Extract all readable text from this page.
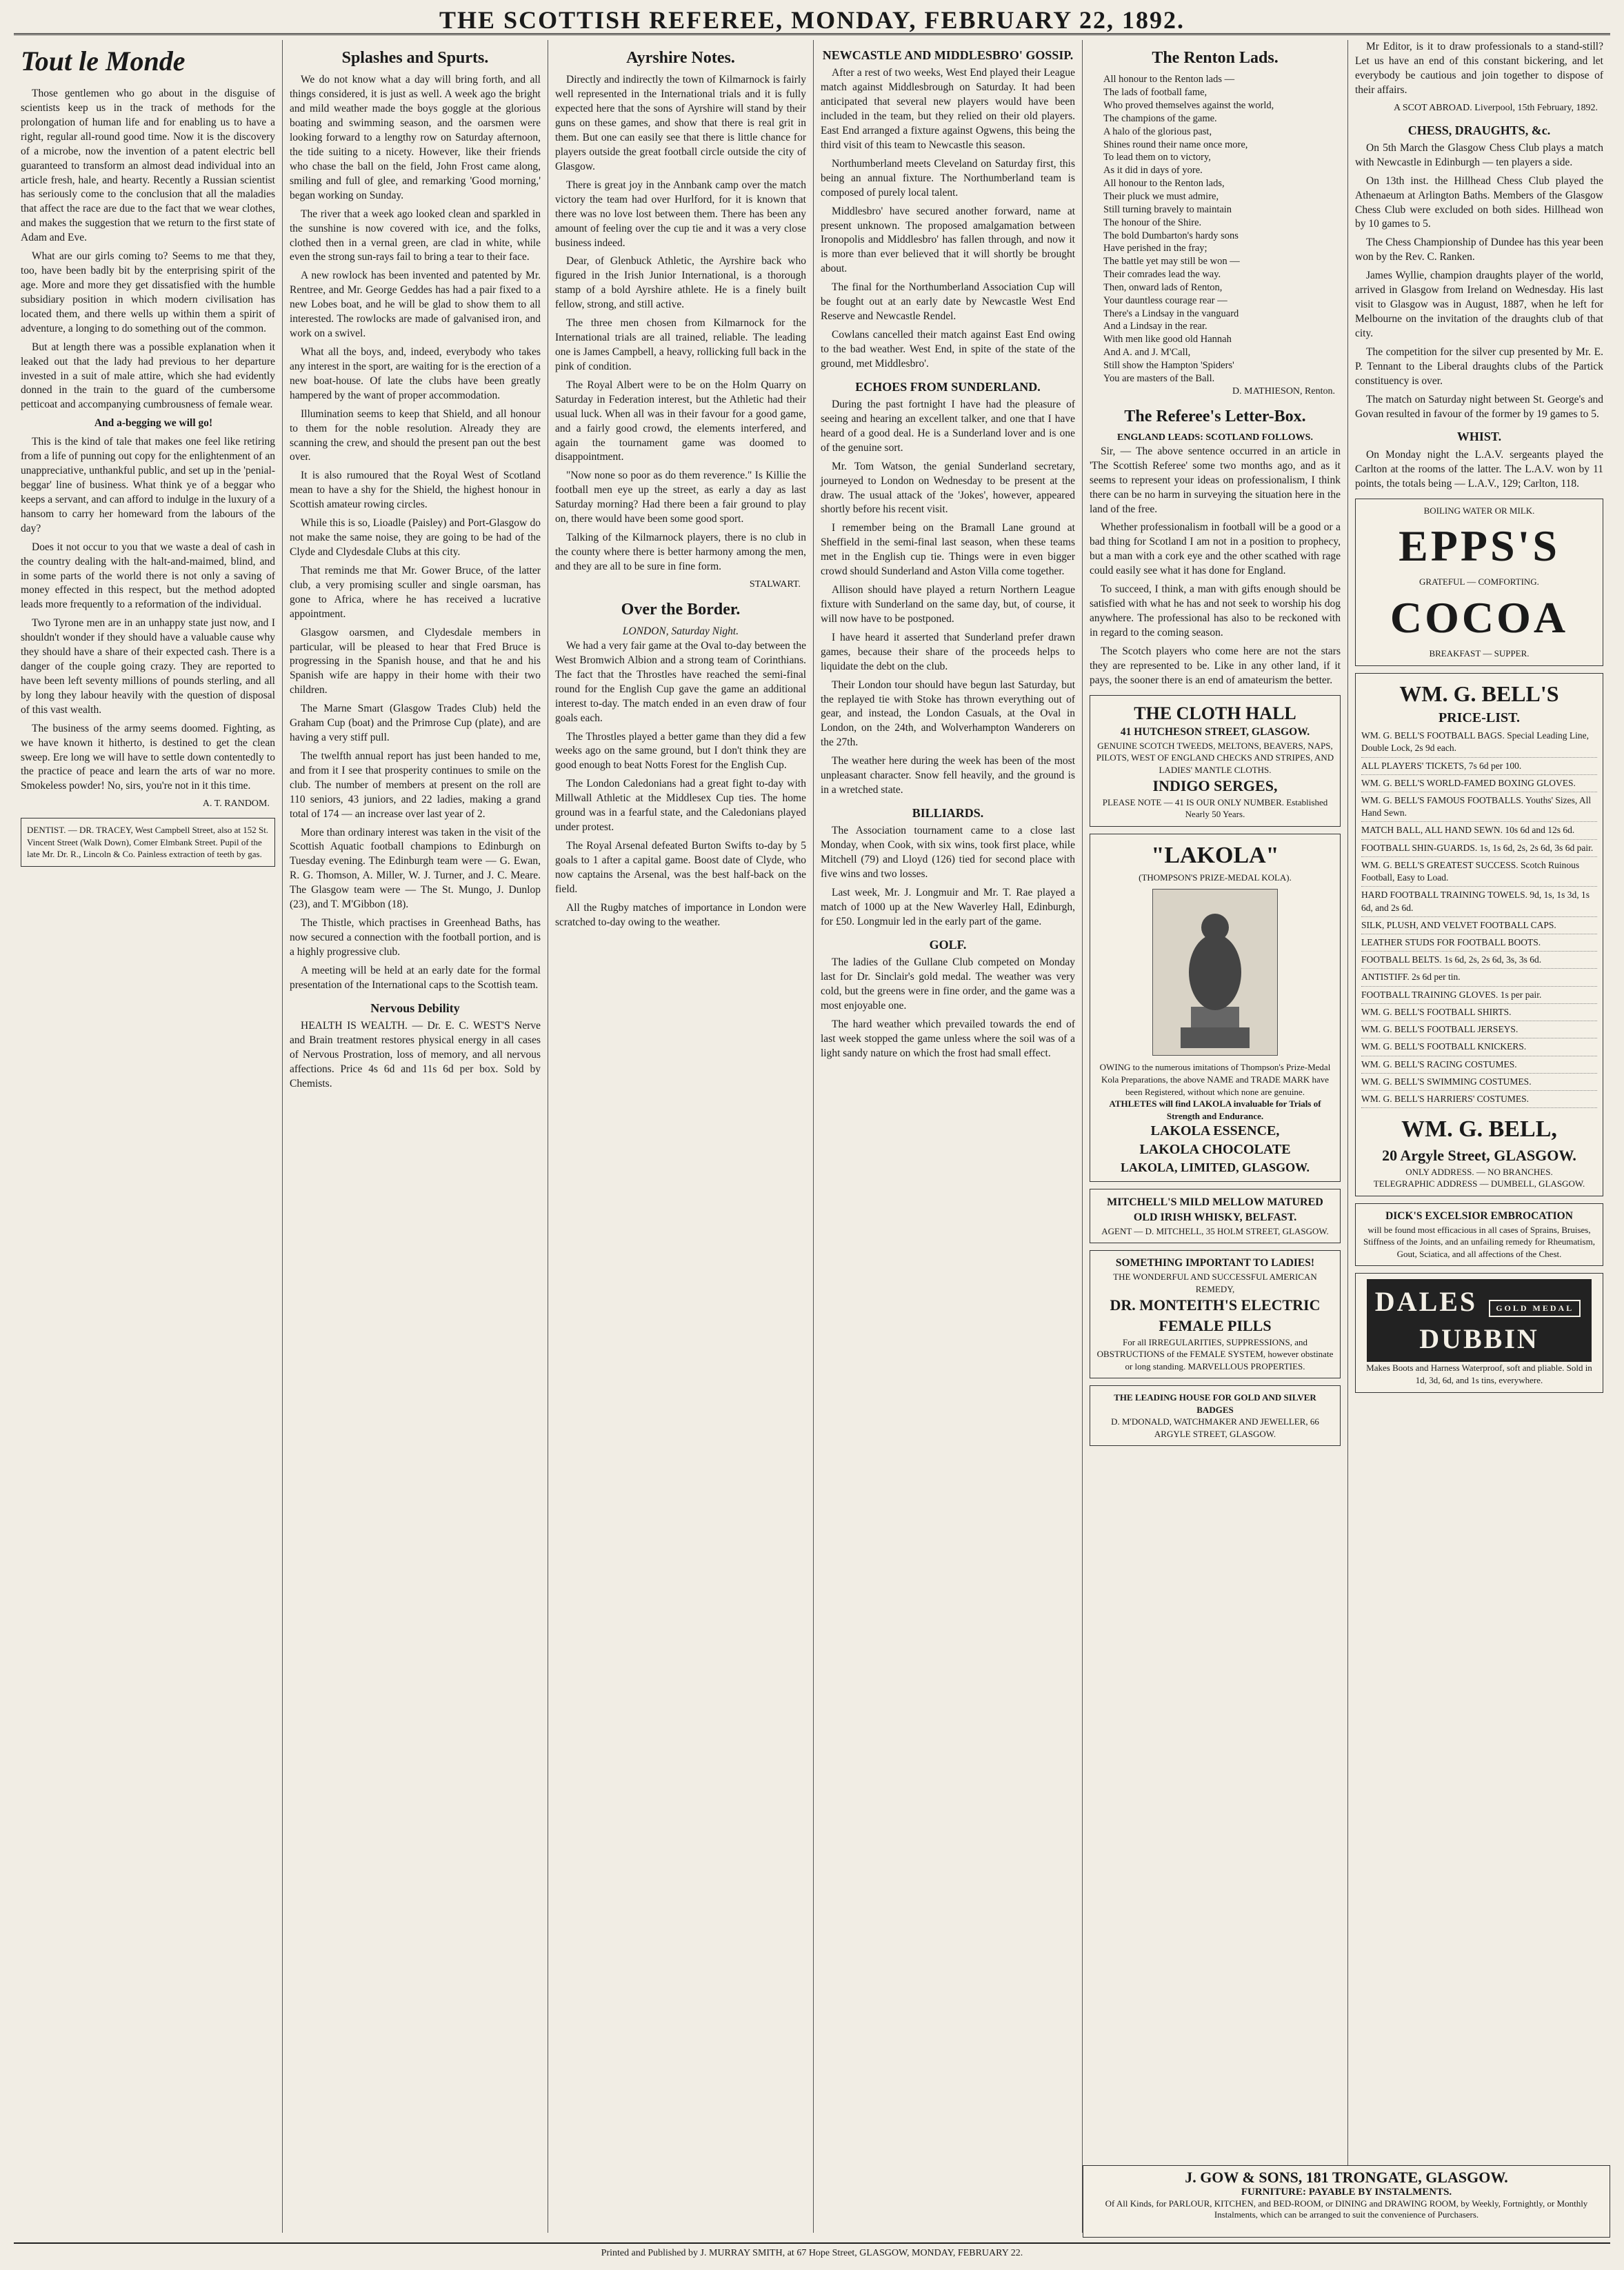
THE SCOTTISH REFEREE, MONDAY, FEBRUARY 22, 1892.
Tout le Monde

Those gentlemen who go about in the disguise of scientists keep us in the track of methods for the prolongation of human life and for enabling us to have a right, regular all-round good time. Now it is the discovery of a microbe, now the invention of a patent electric bell guaranteed to transform an almost dead individual into an article fresh, hale, and hearty. Recently a Russian scientist has seriously come to the conclusion that all the maladies that affect the race are due to the fact that we wear clothes, and makes the suggestion that we return to the first state of Adam and Eve.

What are our girls coming to? Seems to me that they, too, have been badly bit by the enterprising spirit of the age. More and more they get dissatisfied with the humble subsidiary position in which modern civilisation has located them, and there wells up within them a spirit of adventure, a longing to do something out of the common.

But at length there was a possible explanation when it leaked out that the lady had previous to her departure invested in a suit of male attire, which she had evidently donned in the train to the guard of the cumbersome petticoat and accompanying cumbrousness of female wear.

And a-begging we will go!

This is the kind of tale that makes one feel like retiring from a life of punning out copy for the enlightenment of an unappreciative, unthankful public, and set up in the 'penial-beggar' line of business. What think ye of a beggar who keeps a servant, and can afford to indulge in the luxury of a hansom to carry her homeward from the labours of the day?

Does it not occur to you that we waste a deal of cash in the country dealing with the halt-and-maimed, blind, and in some parts of the world there is not only a saving of money effected in this respect, but the method adopted leads more frequently to a reformation of the individual.

Two Tyrone men are in an unhappy state just now, and I shouldn't wonder if they should have a valuable cause why they should have a share of their expected cash. There is a danger of the couple going crazy. They are reported to have been left seventy millions of pounds sterling, and all by long they labour heavily with the question of disposal of this vast wealth.

The business of the army seems doomed. Fighting, as we have known it hitherto, is destined to get the clean sweep. Ere long we will have to settle down contentedly to the practice of peace and learn the arts of war no more. Smokeless powder! No, sirs, you're not in it this time.

A. T. RANDOM.
DENTIST. — DR. TRACEY, West Campbell Street, also at 152 St. Vincent Street (Walk Down), Comer Elmbank Street. Pupil of the late Mr. Dr. R., Lincoln & Co. Painless extraction of teeth by gas.
Splashes and Spurts.

We do not know what a day will bring forth, and all things considered, it is just as well. A week ago the bright and mild weather made the boys goggle at the glorious boating and swimming season, and the oarsmen were looking forward to a lengthy row on Saturday afternoon, the tide suiting to a nicety. However, like their friends who chase the ball on the field, John Frost came along, smiling and full of glee, and remarking 'Good morning,' began working on Sunday.

The river that a week ago looked clean and sparkled in the sunshine is now covered with ice, and the folks, clothed then in a vernal green, are clad in white, while even the strong sun-rays fail to bring a tear to their face.

A new rowlock has been invented and patented by Mr. Rentree, and Mr. George Geddes has had a pair fixed to a new Lobes boat, and he will be glad to show them to all interested. The rowlocks are made of galvanised iron, and work on a swivel.

What all the boys, and, indeed, everybody who takes any interest in the sport, are waiting for is the erection of a new boat-house. Of late the clubs have been greatly hampered by the want of proper accommodation.

Illumination seems to keep that Shield, and all honour to them for the noble resolution. Already they are scanning the crew, and should the present pan out the best over.

It is also rumoured that the Royal West of Scotland mean to have a shy for the Shield, the highest honour in Scottish amateur rowing circles.

While this is so, Lioadle (Paisley) and Port-Glasgow do not make the same noise, they are going to be had of the Clyde and Clydesdale Clubs at this city.

That reminds me that Mr. Gower Bruce, of the latter club, a very promising sculler and single oarsman, has gone to Africa, where he has received a lucrative appointment.

Glasgow oarsmen, and Clydesdale members in particular, will be pleased to hear that Fred Bruce is progressing in the Spanish house, and that he and his Spanish wife are happy in their home with their two children.

The Marne Smart (Glasgow Trades Club) held the Graham Cup (boat) and the Primrose Cup (plate), and are having a very stiff pull.

The twelfth annual report has just been handed to me, and from it I see that prosperity continues to smile on the club. The number of members at present on the roll are 110 seniors, 43 juniors, and 22 ladies, making a grand total of 174 — an increase over last year of 2.

More than ordinary interest was taken in the visit of the Scottish Aquatic football champions to Edinburgh on Tuesday evening. The Edinburgh team were — G. Ewan, R. G. Thomson, A. Miller, W. J. Turner, and J. C. Meare. The Glasgow team were — The St. Mungo, J. Dunlop (23), and T. M'Gibbon (18).

The Thistle, which practises in Greenhead Baths, has now secured a connection with the football portion, and is a highly progressive club.

A meeting will be held at an early date for the formal presentation of the International caps to the Scottish team.

Nervous Debility

HEALTH IS WEALTH. — Dr. E. C. WEST'S Nerve and Brain treatment restores physical energy in all cases of Nervous Prostration, loss of memory, and all nervous affections. Price 4s 6d and 11s 6d per box. Sold by Chemists.

Ayrshire Notes.

Directly and indirectly the town of Kilmarnock is fairly well represented in the International trials and it is fully expected here that the sons of Ayrshire will stand by their guns on these games, and show that there is real grit in them. But one can easily see that there is little chance for players outside the great football circle outside the city of Glasgow.

There is great joy in the Annbank camp over the match victory the team had over Hurlford, for it is known that there was no love lost between them. There has been any amount of feeling over the cup tie and it was a very close business indeed.

Dear, of Glenbuck Athletic, the Ayrshire back who figured in the Irish Junior International, is a thorough stamp of a bold Ayrshire athlete. He is a finely built fellow, strong, and still active.

The three men chosen from Kilmarnock for the International trials are all trained, reliable. The leading one is James Campbell, a heavy, rollicking full back in the pink of condition.

The Royal Albert were to be on the Holm Quarry on Saturday in Federation interest, but the Athletic had their usual luck. When all was in their favour for a good game, and a fairly good crowd, the elements interfered, and again the tournament game was doomed to disappointment.

"Now none so poor as do them reverence." Is Killie the football men eye up the street, as early a day as last Saturday morning? Had there been a fair ground to play on, there would have been some good sport.

Talking of the Kilmarnock players, there is no club in the county where there is better harmony among the men, and they are all to be sure in fine form.

STALWART.
Over the Border.
LONDON, Saturday Night.

We had a very fair game at the Oval to-day between the West Bromwich Albion and a strong team of Corinthians. The fact that the Throstles have reached the semi-final round for the English Cup gave the game an additional interest to-day. The match ended in an even draw of four goals each.

The Throstles played a better game than they did a few weeks ago on the same ground, but I don't think they are good enough to beat Notts Forest for the English Cup.

The London Caledonians had a great fight to-day with Millwall Athletic at the Middlesex Cup ties. The home ground was in a fearful state, and the Caledonians played under protest.

The Royal Arsenal defeated Burton Swifts to-day by 5 goals to 1 after a capital game. Boost date of Clyde, who now captains the Arsenal, was the best half-back on the field.

All the Rugby matches of importance in London were scratched to-day owing to the weather.

NEWCASTLE AND MIDDLESBRO' GOSSIP.

After a rest of two weeks, West End played their League match against Middlesbrough on Saturday. It had been anticipated that several new players would have been included in the team, but they relied on their old players. East End arranged a fixture against Ogwens, this being the third visit of this team to Newcastle this season.

Northumberland meets Cleveland on Saturday first, this being an annual fixture. The Northumberland team is composed of purely local talent.

Middlesbro' have secured another forward, name at present unknown. The proposed amalgamation between Ironopolis and Middlesbro' has fallen through, and now it is more than ever believed that it will shortly be brought about.

The final for the Northumberland Association Cup will be fought out at an early date by Newcastle West End Reserve and Newcastle Rendel.

Cowlans cancelled their match against East End owing to the bad weather. West End, in spite of the state of the ground, met Middlesbro'.

ECHOES FROM SUNDERLAND.

During the past fortnight I have had the pleasure of seeing and hearing an excellent talker, and one that I have heard of a good deal. He is a Sunderland lover and is one of the genuine sort.

Mr. Tom Watson, the genial Sunderland secretary, journeyed to London on Wednesday to be present at the draw. The usual attack of the 'Jokes', however, appeared shortly before his recent visit.

I remember being on the Bramall Lane ground at Sheffield in the semi-final last season, when these teams met in the English cup tie. Things were in even bigger crowd should Sunderland and Aston Villa come together.

Allison should have played a return Northern League fixture with Sunderland on the same day, but, of course, it will now have to be postponed.

I have heard it asserted that Sunderland prefer drawn games, because their share of the proceeds helps to liquidate the debt on the club.

Their London tour should have begun last Saturday, but the replayed tie with Stoke has thrown everything out of gear, and instead, the London Casuals, at the Oval in London, on the 24th, and Wolverhampton Wanderers on the 27th.

The weather here during the week has been of the most unpleasant character. Snow fell heavily, and the ground is in a wretched state.

BILLIARDS.

The Association tournament came to a close last Monday, when Cook, with six wins, took first place, while Mitchell (79) and Lloyd (126) tied for second place with five wins and two losses.

Last week, Mr. J. Longmuir and Mr. T. Rae played a match of 1000 up at the New Waverley Hall, Edinburgh, for £50. Longmuir led in the early part of the game.

GOLF.

The ladies of the Gullane Club competed on Monday last for Dr. Sinclair's gold medal. The weather was very cold, but the greens were in fine order, and the game was a most enjoyable one.

The hard weather which prevailed towards the end of last week stopped the game unless where the soil was of a light sandy nature on which the frost had small effect.

The Renton Lads.
All honour to the Renton lads —
The lads of football fame,
Who proved themselves against the world,
The champions of the game.
A halo of the glorious past,
Shines round their name once more,
To lead them on to victory,
As it did in days of yore.
All honour to the Renton lads,
Their pluck we must admire,
Still turning bravely to maintain
The honour of the Shire.
The bold Dumbarton's hardy sons
Have perished in the fray;
The battle yet may still be won —
Their comrades lead the way.
Then, onward lads of Renton,
Your dauntless courage rear —
There's a Lindsay in the vanguard
And a Lindsay in the rear.
With men like good old Hannah
And A. and J. M'Call,
Still show the Hampton 'Spiders'
You are masters of the Ball.
D. MATHIESON, Renton.
The Referee's Letter-Box.
ENGLAND LEADS: SCOTLAND FOLLOWS.

Sir, — The above sentence occurred in an article in 'The Scottish Referee' some two months ago, and as it seems to represent your ideas on professionalism, I think there can be no harm in surveying the situation here in the land of the free.

Whether professionalism in football will be a good or a bad thing for Scotland I am not in a position to prophecy, but a man with a cork eye and the other scathed with rage could easily see what it has done for England.

To succeed, I think, a man with gifts enough should be satisfied with what he has and not seek to worship his dog anywhere. The professional has also to be reckoned with in regard to the coming season.

The Scotch players who come here are not the stars they are represented to be. Like in any other land, if it pays, the sooner there is an end of amateurism the better.

THE CLOTH HALL
41 HUTCHESON STREET, GLASGOW.
GENUINE SCOTCH TWEEDS, MELTONS, BEAVERS, NAPS, PILOTS, WEST OF ENGLAND CHECKS AND STRIPES, AND LADIES' MANTLE CLOTHS.
INDIGO SERGES,
PLEASE NOTE — 41 IS OUR ONLY NUMBER. Established Nearly 50 Years.
"LAKOLA"
(THOMPSON'S PRIZE-MEDAL KOLA).
OWING to the numerous imitations of Thompson's Prize-Medal Kola Preparations, the above NAME and TRADE MARK have been Registered, without which none are genuine.
ATHLETES will find LAKOLA invaluable for Trials of Strength and Endurance.
LAKOLA ESSENCE,
LAKOLA CHOCOLATE
LAKOLA, LIMITED, GLASGOW.
MITCHELL'S MILD MELLOW MATURED OLD IRISH WHISKY, BELFAST.
AGENT — D. MITCHELL, 35 HOLM STREET, GLASGOW.
SOMETHING IMPORTANT TO LADIES!
THE WONDERFUL AND SUCCESSFUL AMERICAN REMEDY,
DR. MONTEITH'S ELECTRIC FEMALE PILLS
For all IRREGULARITIES, SUPPRESSIONS, and OBSTRUCTIONS of the FEMALE SYSTEM, however obstinate or long standing. MARVELLOUS PROPERTIES.
THE LEADING HOUSE FOR GOLD AND SILVER BADGES
D. M'DONALD, WATCHMAKER AND JEWELLER, 66 ARGYLE STREET, GLASGOW.

Mr Editor, is it to draw professionals to a stand-still? Let us have an end of this constant bickering, and let everybody be cautious and join together to dispose of their affairs.

A SCOT ABROAD. Liverpool, 15th February, 1892.
CHESS, DRAUGHTS, &c.

On 5th March the Glasgow Chess Club plays a match with Newcastle in Edinburgh — ten players a side.

On 13th inst. the Hillhead Chess Club played the Athenaeum at Arlington Baths. Members of the Glasgow Chess Club were excluded on both sides. Hillhead won by 10 games to 5.

The Chess Championship of Dundee has this year been won by the Rev. C. Ranken.

James Wyllie, champion draughts player of the world, arrived in Glasgow from Ireland on Wednesday. His last visit to Glasgow was in August, 1887, when he left for Melbourne on the invitation of the draughts club of that city.

The competition for the silver cup presented by Mr. E. P. Tennant to the Liberal draughts clubs of the Partick constituency is over.

The match on Saturday night between St. George's and Govan resulted in favour of the former by 19 games to 5.

WHIST.

On Monday night the L.A.V. sergeants played the Carlton at the rooms of the latter. The L.A.V. won by 11 points, the totals being — L.A.V., 129; Carlton, 118.

BOILING WATER OR MILK.
EPPS'S
GRATEFUL — COMFORTING.
COCOA
BREAKFAST — SUPPER.
WM. G. BELL'S
PRICE-LIST.
WM. G. BELL'S FOOTBALL BAGS. Special Leading Line, Double Lock, 2s 9d each.
ALL PLAYERS' TICKETS, 7s 6d per 100.
WM. G. BELL'S WORLD-FAMED BOXING GLOVES.
WM. G. BELL'S FAMOUS FOOTBALLS. Youths' Sizes, All Hand Sewn.
MATCH BALL, ALL HAND SEWN. 10s 6d and 12s 6d.
FOOTBALL SHIN-GUARDS. 1s, 1s 6d, 2s, 2s 6d, 3s 6d pair.
WM. G. BELL'S GREATEST SUCCESS. Scotch Ruinous Football, Easy to Load.
HARD FOOTBALL TRAINING TOWELS. 9d, 1s, 1s 3d, 1s 6d, and 2s 6d.
SILK, PLUSH, AND VELVET FOOTBALL CAPS.
LEATHER STUDS FOR FOOTBALL BOOTS.
FOOTBALL BELTS. 1s 6d, 2s, 2s 6d, 3s, 3s 6d.
ANTISTIFF. 2s 6d per tin.
FOOTBALL TRAINING GLOVES. 1s per pair.
WM. G. BELL'S FOOTBALL SHIRTS.
WM. G. BELL'S FOOTBALL JERSEYS.
WM. G. BELL'S FOOTBALL KNICKERS.
WM. G. BELL'S RACING COSTUMES.
WM. G. BELL'S SWIMMING COSTUMES.
WM. G. BELL'S HARRIERS' COSTUMES.
WM. G. BELL,
20 Argyle Street, GLASGOW.
ONLY ADDRESS. — NO BRANCHES.
TELEGRAPHIC ADDRESS — DUMBELL, GLASGOW.
DICK'S EXCELSIOR EMBROCATION
will be found most efficacious in all cases of Sprains, Bruises, Stiffness of the Joints, and an unfailing remedy for Rheumatism, Gout, Sciatica, and all affections of the Chest.
DALES GOLD MEDAL
DUBBIN
Makes Boots and Harness Waterproof, soft and pliable. Sold in 1d, 3d, 6d, and 1s tins, everywhere.
J. GOW & SONS, 181 TRONGATE, GLASGOW.
FURNITURE: PAYABLE BY INSTALMENTS.
Of All Kinds, for PARLOUR, KITCHEN, and BED-ROOM, or DINING and DRAWING ROOM, by Weekly, Fortnightly, or Monthly Instalments, which can be arranged to suit the convenience of Purchasers.
Printed and Published by J. MURRAY SMITH, at 67 Hope Street, GLASGOW, MONDAY, FEBRUARY 22.
